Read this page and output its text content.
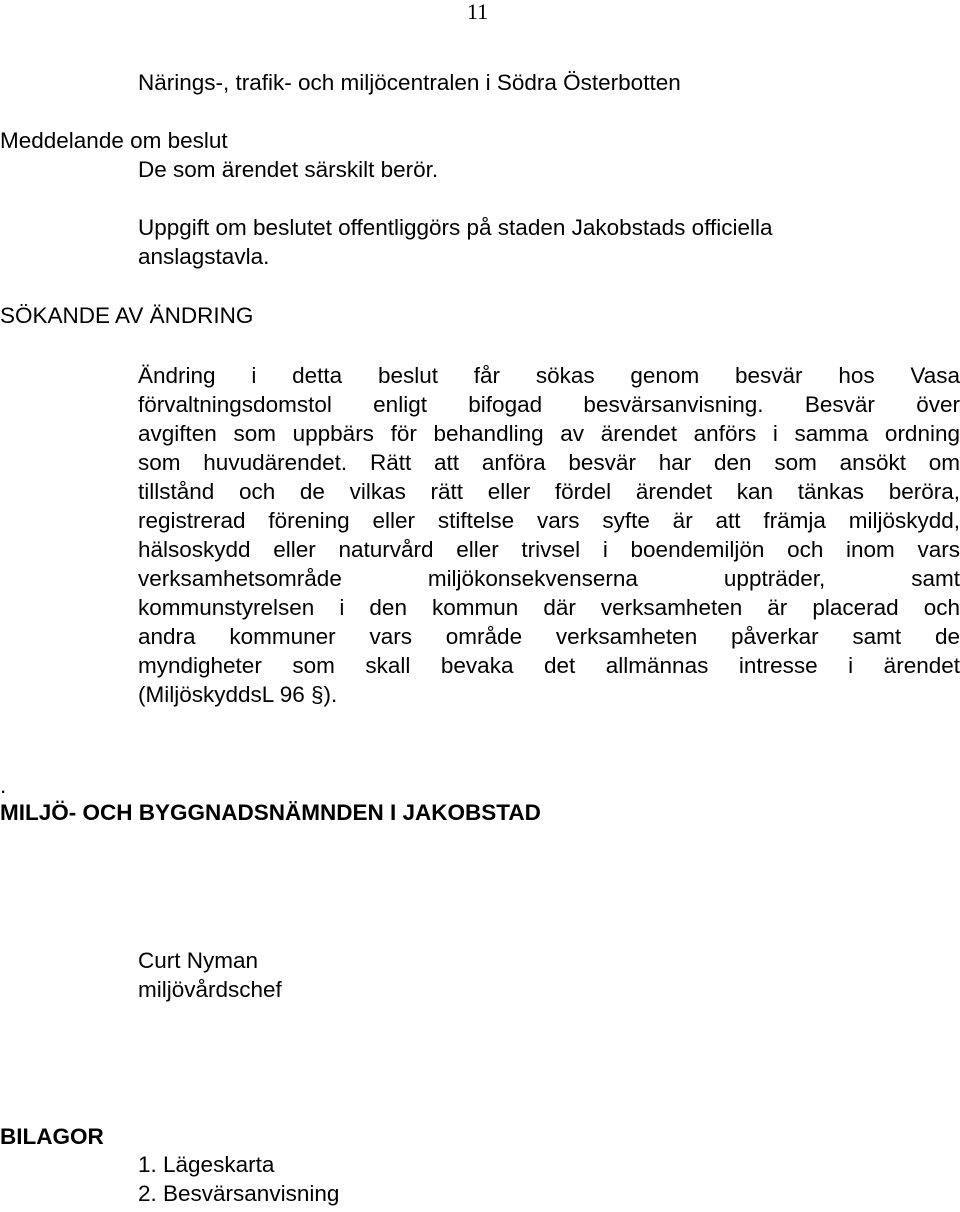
11
Närings-, trafik- och miljöcentralen i Södra Österbotten
Meddelande om beslut
De som ärendet särskilt berör.
Uppgift om beslutet offentliggörs på staden Jakobstads officiella
anslagstavla.
SÖKANDE AV ÄNDRING
Ändring i detta beslut får sökas genom besvär hos Vasa
förvaltningsdomstol enligt bifogad besvärsanvisning. Besvär över
avgiften som uppbärs för behandling av ärendet anförs i samma ordning
som huvudärendet. Rätt att anföra besvär har den som ansökt om
tillstånd och de vilkas rätt eller fördel ärendet kan tänkas beröra,
registrerad förening eller stiftelse vars syfte är att främja miljöskydd,
hälsoskydd eller naturvård eller trivsel i boendemiljön och inom vars
verksamhetsområde miljökonsekvenserna uppträder, samt
kommunstyrelsen i den kommun där verksamheten är placerad och
andra kommuner vars område verksamheten påverkar samt de
myndigheter som skall bevaka det allmännas intresse i ärendet
(MiljöskyddsL 96 §).
.
MILJÖ- OCH BYGGNADSNÄMNDEN I JAKOBSTAD
Curt Nyman
miljövårdschef
BILAGOR
1. Lägeskarta
2. Besvärsanvisning
